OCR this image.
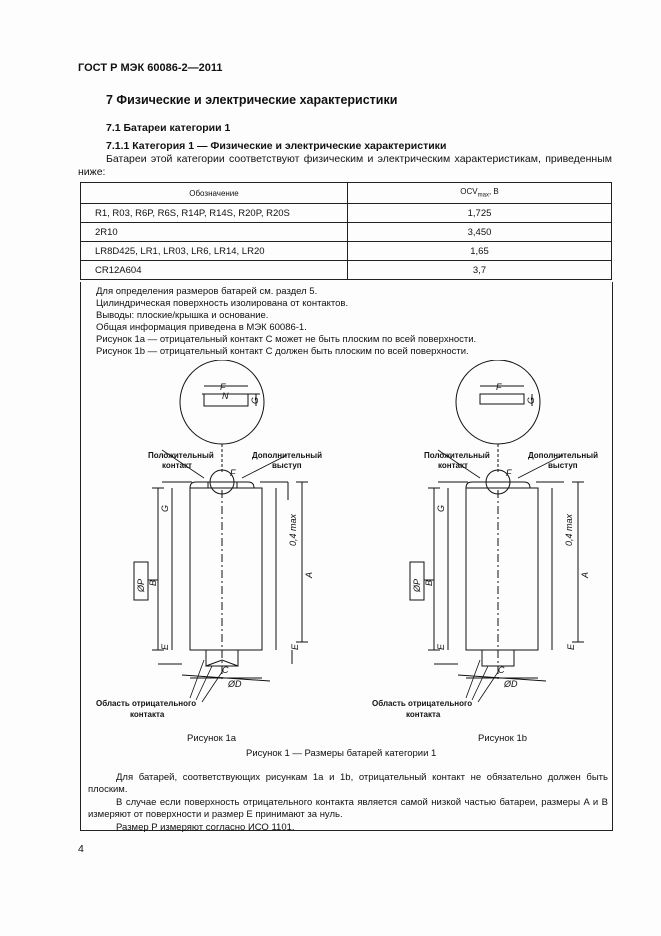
ГОСТ Р МЭК 60086-2—2011
7 Физические и электрические характеристики
7.1 Батареи категории 1
7.1.1 Категория 1 — Физические и электрические характеристики
Батареи этой категории соответствуют физическим и электрическим характеристикам, приведенным ниже:
Обозначение	$OCV_{max}$, В
R1, R03, R6P, R6S, R14P, R14S, R20P, R20S	1,725
2R10	3,450
LR8D425, LR1, LR03, LR6, LR14, LR20	1,65
CR12A604	3,7
Для определения размеров батарей см. раздел 5.
Цилиндрическая поверхность изолирована от контактов.
Выводы: плоские/крышка и основание.
Общая информация приведена в МЭК 60086-1.
Рисунок 1а — отрицательный контакт C может не быть плоским по всей поверхности.
Рисунок 1b — отрицательный контакт C должен быть плоским по всей поверхности.
F
N G
F
G
ØP B
E	E
A
0,4 max
C
ØD
Положительный
контакт
Дополнительный
выступ
Область отрицательного
контакта
F
G
F
G
ØP B
E	E
A
0,4 max
C
ØD
Положительный
контакт
Дополнительный
выступ
Область отрицательного
контакта
Рисунок 1а	Рисунок 1b
Рисунок 1 — Размеры батарей категории 1

Для батарей, соответствующих рисункам 1а и 1b, отрицательный контакт не обязательно должен быть плоским.

В случае если поверхность отрицательного контакта является самой низкой частью батареи, размеры A и B измеряют от поверхности и размер E принимают за нуль.

Размер P измеряют согласно ИСО 1101.

4
